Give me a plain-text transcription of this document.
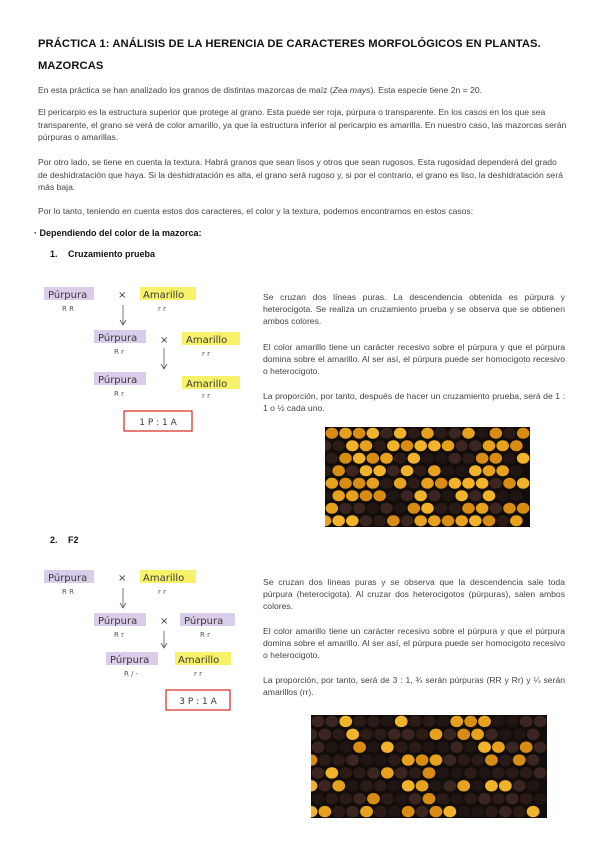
PRÁCTICA 1: ANÁLISIS DE LA HERENCIA DE CARACTERES MORFOLÓGICOS EN PLANTAS. MAZORCAS

En esta práctica se han analizado los granos de distintas mazorcas de maíz (Zea mays). Esta especie tiene 2n = 20.

El pericarpio es la estructura superior que protege al grano. Esta puede ser roja, púrpura o transparente. En los casos en los que sea transparente, el grano se verá de color amarillo, ya que la estructura inferior al pericarpio es amarilla. En nuestro caso, las mazorcas serán púrpuras o amarillas.

Por otro lado, se tiene en cuenta la textura. Habrá granos que sean lisos y otros que sean rugosos. Esta rugosidad dependerá del grado de deshidratación que haya. Si la deshidratación es alta, el grano será rugoso y, si por el contrario, el grano es liso, la deshidratación será más baja.

Por lo tanto, teniendo en cuenta estos dos caracteres, el color y la textura, podemos encontrarnos en estos casos:

· Dependiendo del color de la mazorca:
1. Cruzamiento prueba
Púrpura
R R
× Amarillo
r r
Púrpura
R r
× Amarillo
r r
Púrpura
R r
Amarillo
r r
1 P : 1 A

Se cruzan dos líneas puras. La descendencia obtenida es púrpura y heterocigota. Se realiza un cruzamiento prueba y se observa que se obtienen ambos colores.

El color amarillo tiene un carácter recesivo sobre el púrpura y que el púrpura domina sobre el amarillo. Al ser así, el púrpura puede ser homocigoto recesivo o heterocigoto.

La proporción, por tanto, después de hacer un cruzamiento prueba, será de 1 : 1 o ½ cada uno.

2. F2
Púrpura
R R
× Amarillo
r r
Púrpura
R r
× Púrpura
R r
Púrpura
R / -
Amarillo
r r
3 P : 1 A

Se cruzan dos líneas puras y se observa que la descendencia sale toda púrpura (heterocigota). Al cruzar dos heterocigotos (púrpuras), salen ambos colores.

El color amarillo tiene un carácter recesivo sobre el púrpura y que el púrpura domina sobre el amarillo. Al ser así, el púrpura puede ser homocigoto recesivo o heterocigoto.

La proporción, por tanto, será de 3 : 1, ¾ serán púrpuras (RR y Rr) y ¼ serán amarillos (rr).
